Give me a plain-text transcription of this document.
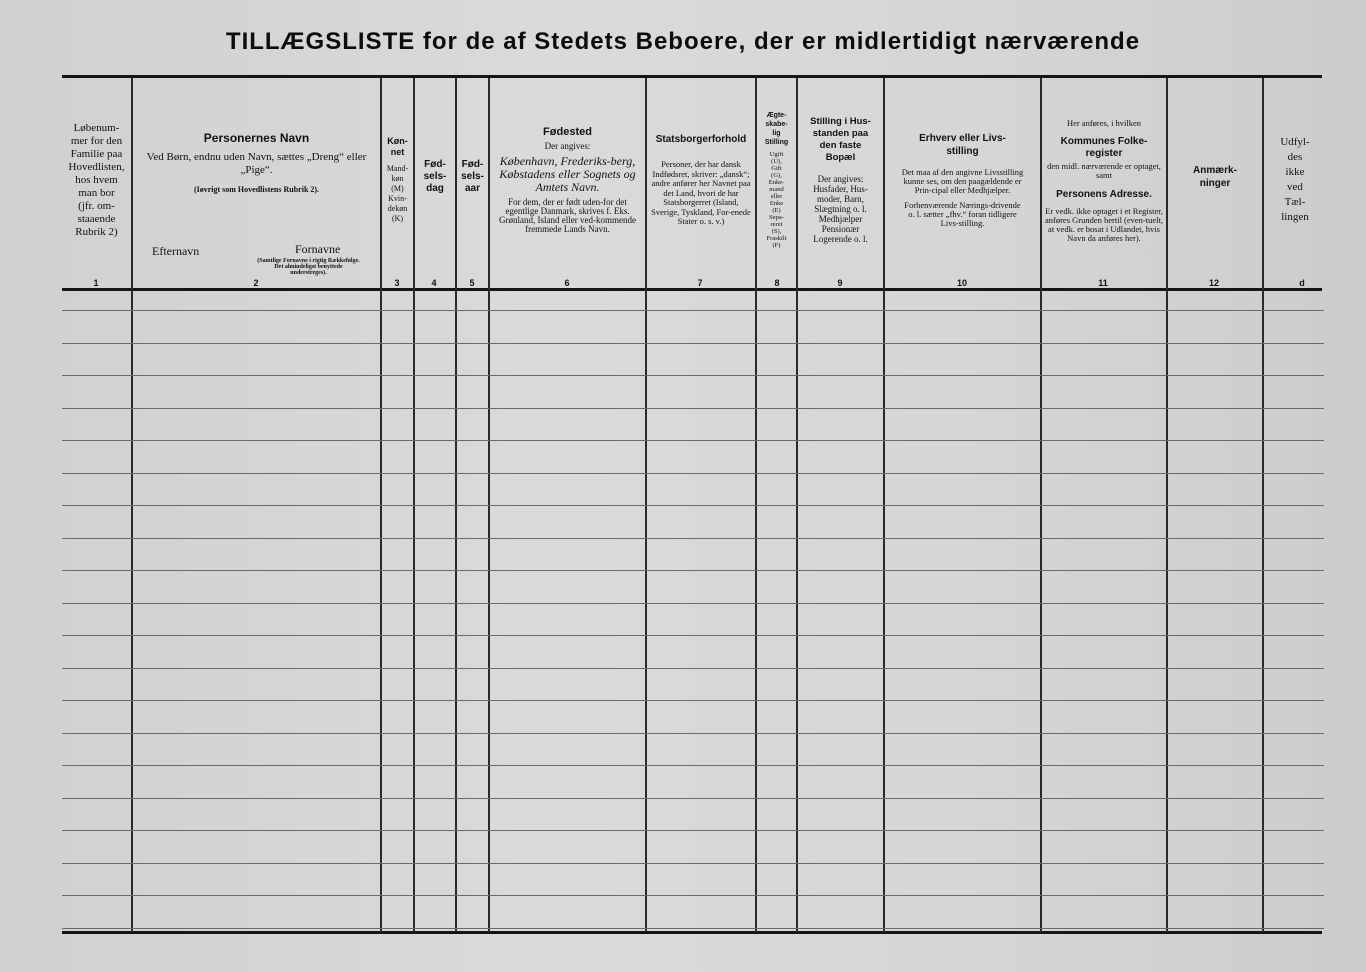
TILLÆGSLISTE for de af Stedets Beboere, der er midlertidigt nærværende
Løbenum-
mer for den
Familie paa
Hovedlisten,
hos hvem
man bor
(jfr. om-
staaende
Rubrik 2)
Personernes Navn
Ved Børn, endnu uden Navn, sættes „Dreng“ eller „Pige“.
(Iøvrigt som Hovedlistens Rubrik 2).
Efternavn	Fornavne
(Samtlige Fornavne i rigtig Rækkefølge. Det almindeligst benyttede understreges).
Køn-
net
Mand-
køn
(M)
Kvin-
dekøn
(K)
Fød-
sels-
dag
Fød-
sels-
aar
Fødested
Der angives:
København, Frederiks-berg, Købstadens eller Sognets og Amtets Navn.
For dem, der er født uden-for det egentlige Danmark, skrives f. Eks.
Grønland, Island eller ved-kommende fremmede Lands Navn.
Statsborgerforhold
Personer, der har dansk Indfødsret, skriver: „dansk“; andre anfører her Navnet paa det Land, hvori de har Statsborgerret (Island, Sverige, Tyskland, For-enede Stater o. s. v.)
Ægte-
skabe-
lig
Stilling
Ugift
(U),
Gift
(G),
Enke-
mand
eller
Enke
(E)
Sepa-
reret
(S),
Fraskilt
(F)
Stilling i Hus-
standen paa
den faste
Bopæl
Der angives:
Husfader, Hus-
moder, Barn,
Slægtning o. l.
Medhjælper
Pensionær
Logerende o. l.
Erhverv eller Livs-
stilling
Det maa af den angivne Livsstilling kunne ses, om den paagældende er Prin-cipal eller Medhjælper.
Forhenværende Nærings-drivende o. l. sætter „fhv.“ foran tidligere Livs-stilling.
Her anføres, i hvilken
Kommunes Folke-
register
den midl. nærværende er optaget, samt
Personens Adresse.
Er vedk. ikke optaget i et Register, anføres Grunden hertil (even-tuelt, at vedk. er bosat i Udlandet, hvis Navn da anføres her).
Anmærk-
ninger
Udfyl-
des
ikke
ved
Tæl-
lingen
1	2	3	4	5	6	7	8	9	10	11	12	d
